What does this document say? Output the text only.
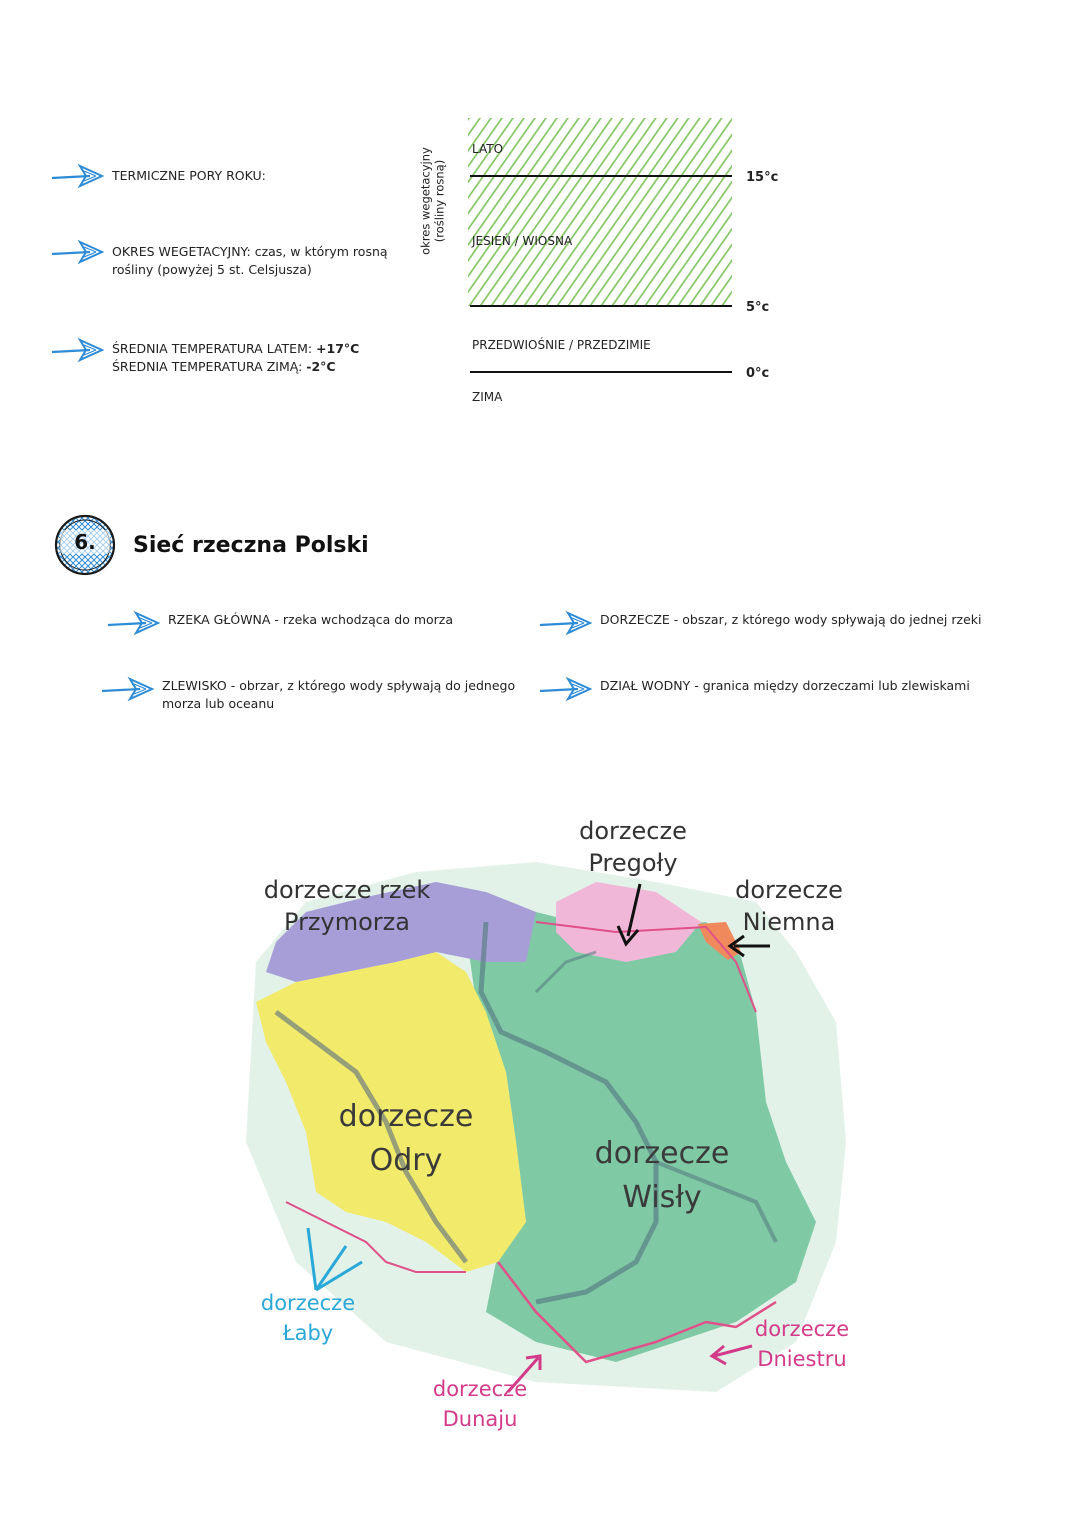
TERMICZNE PORY ROKU:
OKRES WEGETACYJNY: czas, w którym rosną
rośliny (powyżej 5 st. Celsjusza)
ŚREDNIA TEMPERATURA LATEM: +17°C
ŚREDNIA TEMPERATURA ZIMĄ: -2°C
okres wegetacyjny (rośliny rosną)
LATO
JESIEŃ / WIOSNA
PRZEDWIOŚNIE / PRZEDZIMIE
ZIMA
15°c
5°c
0°c
6.	Sieć rzeczna Polski
RZEKA GŁÓWNA - rzeka wchodząca do morza
ZLEWISKO - obrzar, z którego wody spływają do jednego
morza lub oceanu
DORZECZE - obszar, z którego wody spływają do jednej rzeki
DZIAŁ WODNY - granica między dorzeczami lub zlewiskami
dorzecze rzek
Przymorza
dorzecze
Pregoły
dorzecze
Niemna
dorzecze
Odry	dorzecze
Wisły
dorzecze
Łaby
dorzecze
Dunaju
dorzecze
Dniestru
